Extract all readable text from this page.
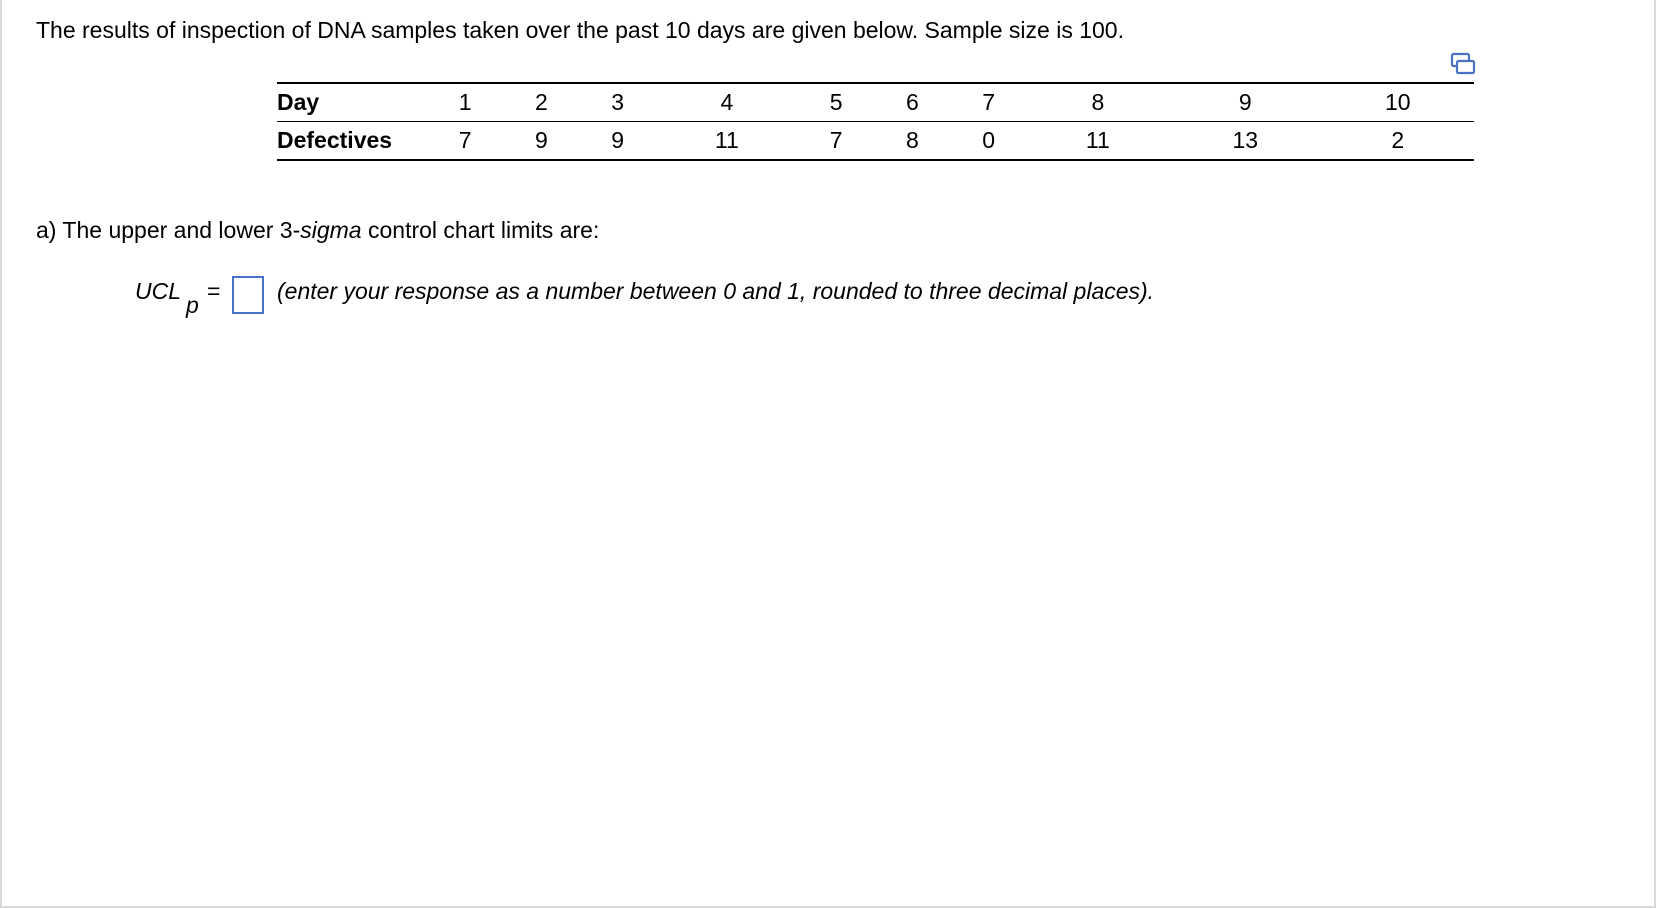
The results of inspection of DNA samples taken over the past 10 days are given below. Sample size is 100.
Day	1	2	3	4	5	6	7	8	9	10
Defectives	7	9	9	11	7	8	0	11	13	2
a) The upper and lower 3-sigma control chart limits are:
UCL
p
= (enter your response as a number between 0 and 1, rounded to three decimal places).
